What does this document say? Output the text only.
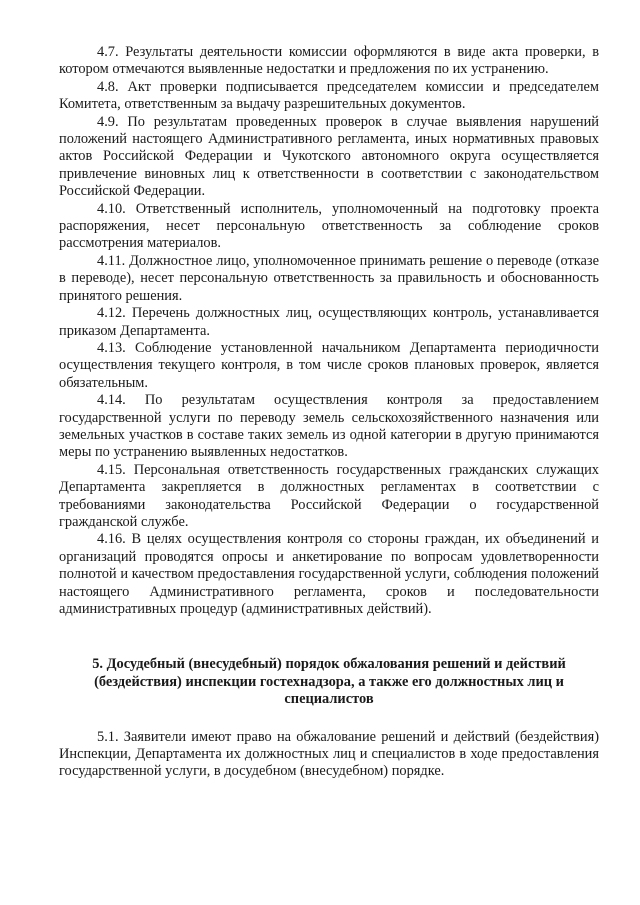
4.7. Результаты деятельности комиссии оформляются в виде акта проверки, в котором отмечаются выявленные недостатки и предложения по их устранению.

4.8. Акт проверки подписывается председателем комиссии и председателем Комитета, ответственным за выдачу разрешительных документов.

4.9. По результатам проведенных проверок в случае выявления нарушений положений настоящего Административного регламента, иных нормативных правовых актов Российской Федерации и Чукотского автономного округа осуществляется привлечение виновных лиц к ответственности в соответствии с законодательством Российской Федерации.

4.10. Ответственный исполнитель, уполномоченный на подготовку проекта распоряжения, несет персональную ответственность за соблюдение сроков рассмотрения материалов.

4.11. Должностное лицо, уполномоченное принимать решение о переводе (отказе в переводе), несет персональную ответственность за правильность и обоснованность принятого решения.

4.12. Перечень должностных лиц, осуществляющих контроль, устанавливается приказом Департамента.

4.13. Соблюдение установленной начальником Департамента периодичности осуществления текущего контроля, в том числе сроков плановых проверок, является обязательным.

4.14. По результатам осуществления контроля за предоставлением государственной услуги по переводу земель сельскохозяйственного назначения или земельных участков в составе таких земель из одной категории в другую принимаются меры по устранению выявленных недостатков.

4.15. Персональная ответственность государственных гражданских служащих Департамента закрепляется в должностных регламентах в соответствии с требованиями законодательства Российской Федерации о государственной гражданской службе.

4.16. В целях осуществления контроля со стороны граждан, их объединений и организаций проводятся опросы и анкетирование по вопросам удовлетворенности полнотой и качеством предоставления государственной услуги, соблюдения положений настоящего Административного регламента, сроков и последовательности административных процедур (административных действий).

5. Досудебный (внесудебный) порядок обжалования решений и действий (бездействия) инспекции гостехнадзора, а также его должностных лиц и специалистов

5.1. Заявители имеют право на обжалование решений и действий (бездействия) Инспекции, Департамента их должностных лиц и специалистов в ходе предоставления государственной услуги, в досудебном (внесудебном) порядке.
